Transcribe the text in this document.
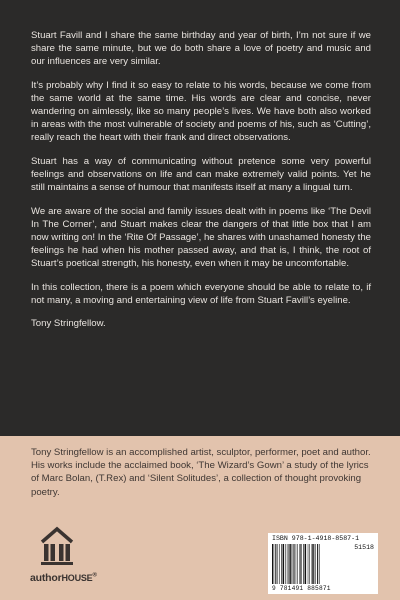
Stuart Favill and I share the same birthday and year of birth, I’m not sure if we share the same minute, but we do both share a love of poetry and music and our influences are very similar.

It’s probably why I find it so easy to relate to his words, because we come from the same world at the same time. His words are clear and concise, never wandering on aimlessly, like so many people’s lives. We have both also worked in areas with the most vulnerable of society and poems of his, such as ‘Cutting’, really reach the heart with their frank and direct observations.

Stuart has a way of communicating without pretence some very powerful feelings and observations on life and can make extremely valid points. Yet he still maintains a sense of humour that manifests itself at many a lingual turn.

We are aware of the social and family issues dealt with in poems like ‘The Devil In The Corner’, and Stuart makes clear the dangers of that little box that I am now writing on! In the ‘Rite Of Passage’, he shares with unashamed honesty the feelings he had when his mother passed away, and that is, I think, the root of Stuart’s poetical strength, his honesty, even when it may be uncomfortable.

In this collection, there is a poem which everyone should be able to relate to, if not many, a moving and entertaining view of life from Stuart Favill’s eyeline.

Tony Stringfellow.

Tony Stringfellow is an accomplished artist, sculptor, performer, poet and author. His works include the acclaimed book, ‘The Wizard’s Gown’ a study of the lyrics of Marc Bolan, (T.Rex) and ‘Silent Solitudes’, a collection of thought provoking poetry.
authorHOUSE®
ISBN 978-1-4918-8587-1
51518
9 781491 885871
